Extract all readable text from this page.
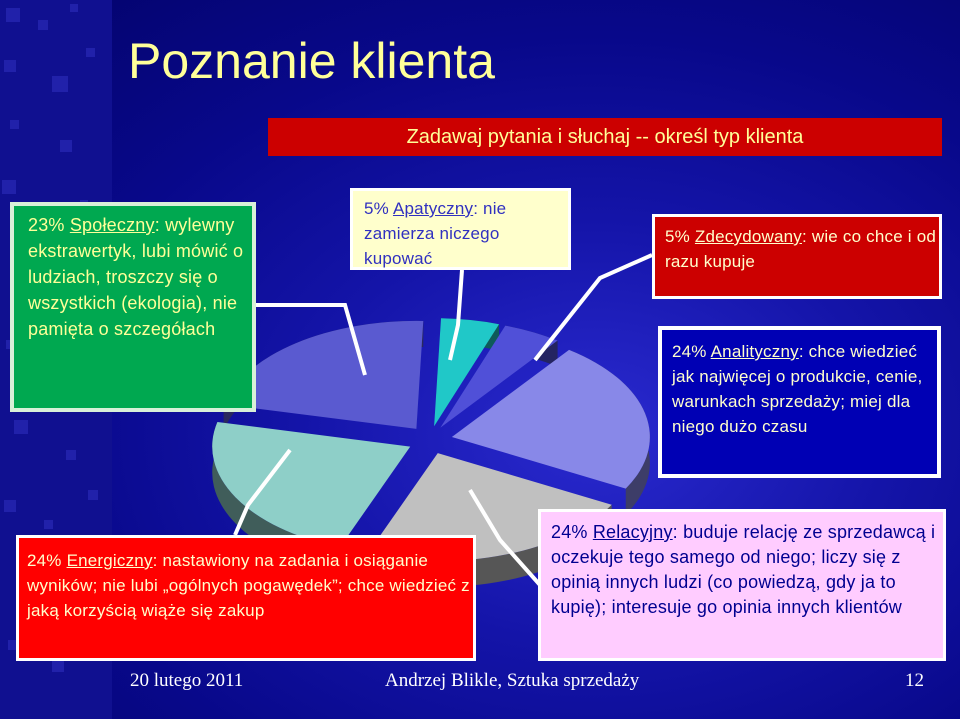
Poznanie klienta
Zadawaj pytania i słuchaj -- określ typ klienta
23% Społeczny: wylewny ekstrawertyk, lubi mówić o ludziach, troszczy się o wszystkich (ekologia), nie pamięta o szczegółach
5% Apatyczny: nie zamierza niczego kupować
5% Zdecydowany: wie co chce i od razu kupuje
24% Analityczny: chce wiedzieć jak najwięcej o produkcie, cenie, warunkach sprzedaży; miej dla niego dużo czasu
24% Energiczny: nastawiony na zadania i osiąganie wyników; nie lubi „ogólnych pogawędek”; chce wiedzieć z jaką korzyścią wiąże się zakup
24% Relacyjny: buduje relację ze sprzedawcą i oczekuje tego samego od niego; liczy się z opinią innych ludzi (co powiedzą, gdy ja to kupię); interesuje go opinia innych klientów
20 lutego 2011	Andrzej Blikle, Sztuka sprzedaży	12
